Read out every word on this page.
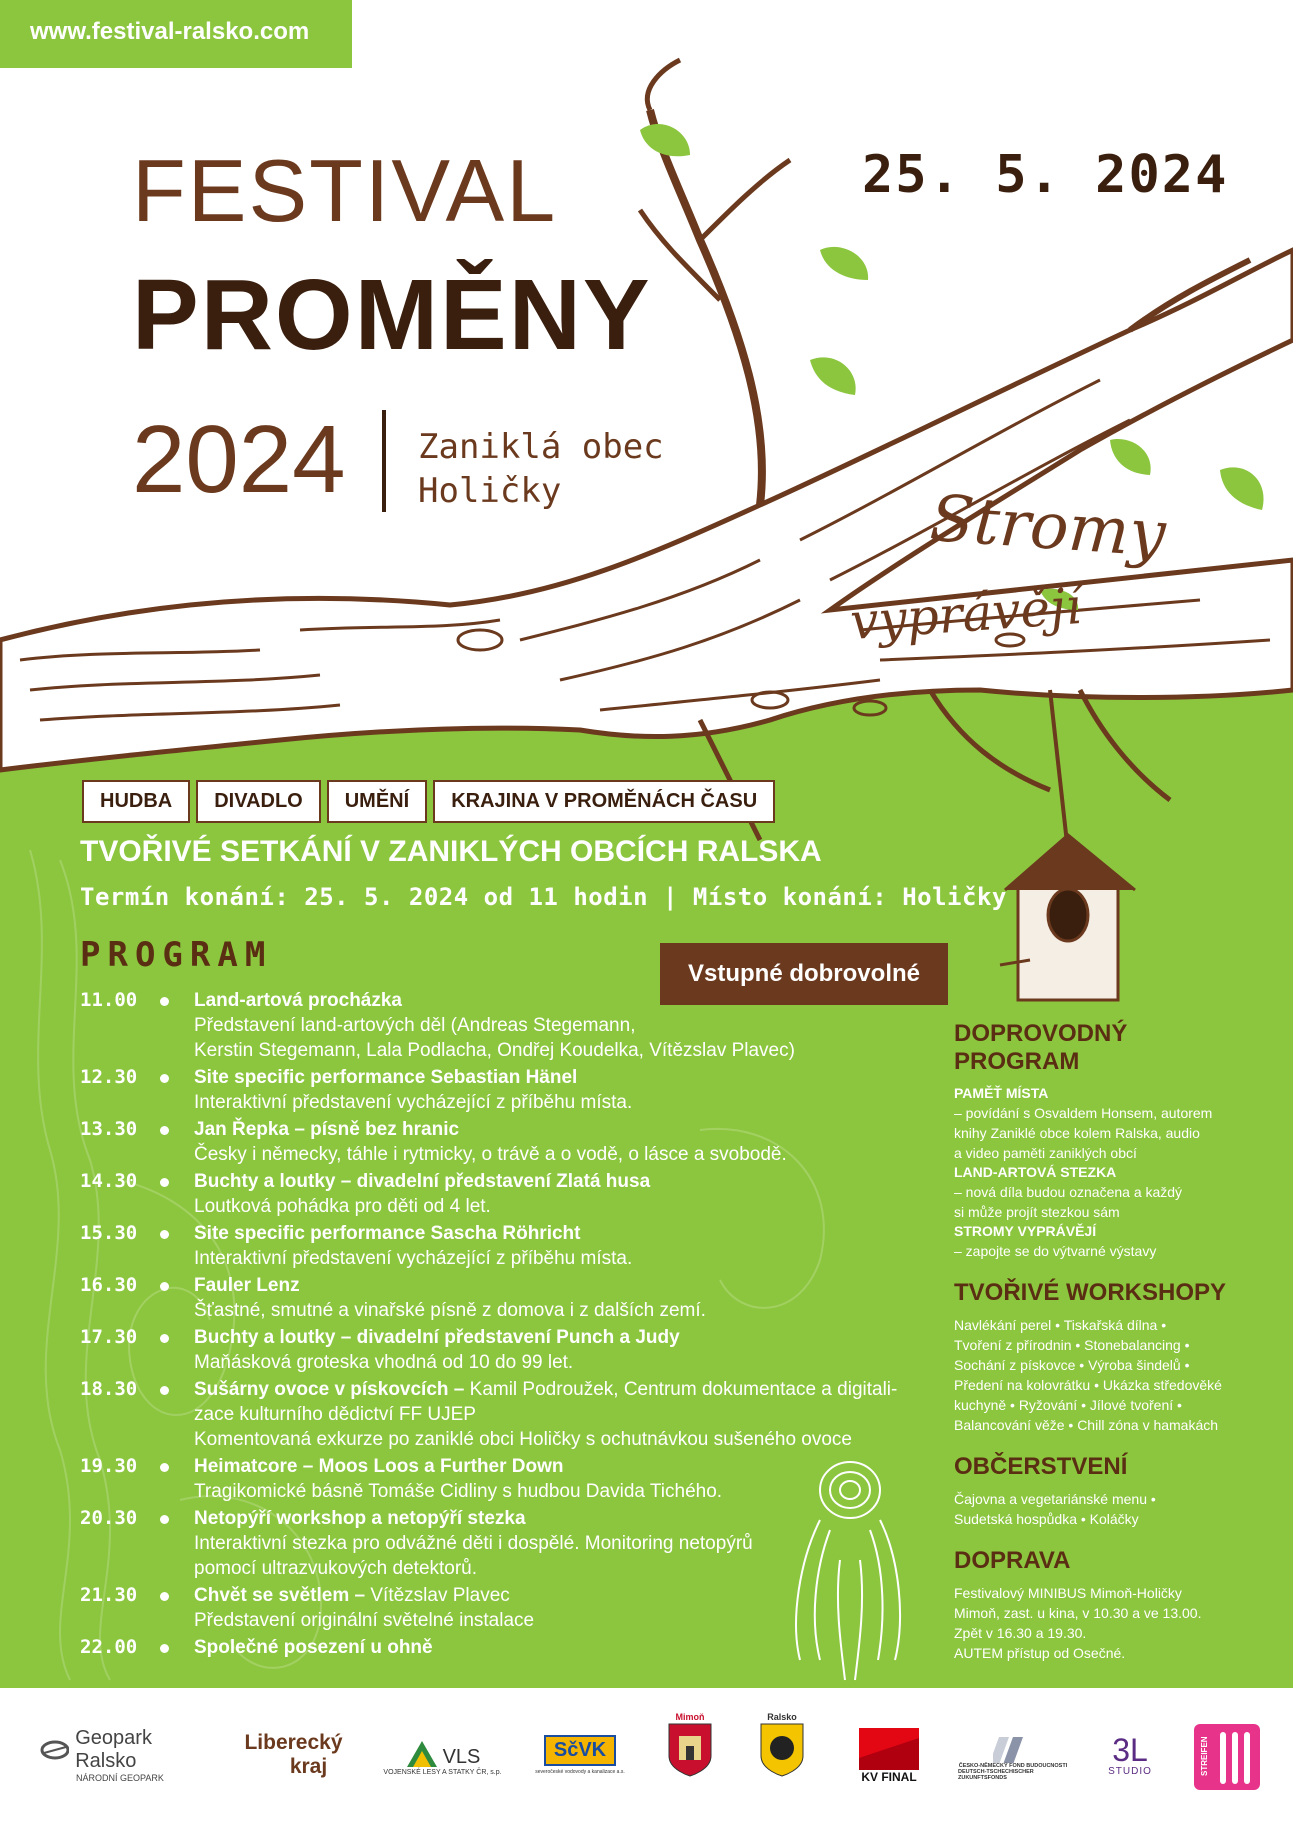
www.festival-ralsko.com
FESTIVAL
PROMĚNY
2024 Zaniklá obec
Holičky
25. 5. 2024
Stromy
vyprávějí
HUDBA	DIVADLO	UMĚNÍ	KRAJINA V PROMĚNÁCH ČASU
TVOŘIVÉ SETKÁNÍ V ZANIKLÝCH OBCÍCH RALSKA
Termín konání: 25. 5. 2024 od 11 hodin | Místo konání: Holičky
PROGRAM	Vstupné dobrovolné
11.00	Land-artová procházka
Představení land-artových děl (Andreas Stegemann,
Kerstin Stegemann, Lala Podlacha, Ondřej Koudelka, Vítězslav Plavec)
12.30	Site specific performance Sebastian Hänel
Interaktivní představení vycházející z příběhu místa.
13.30	Jan Řepka – písně bez hranic
Česky i německy, táhle i rytmicky, o trávě a o vodě, o lásce a svobodě.
14.30	Buchty a loutky – divadelní představení Zlatá husa
Loutková pohádka pro děti od 4 let.
15.30	Site specific performance Sascha Röhricht
Interaktivní představení vycházející z příběhu místa.
16.30	Fauler Lenz
Šťastné, smutné a vinařské písně z domova i z dalších zemí.
17.30	Buchty a loutky – divadelní představení Punch a Judy
Maňásková groteska vhodná od 10 do 99 let.
18.30	Sušárny ovoce v pískovcích – Kamil Podroužek, Centrum dokumentace a digitali-
zace kulturního dědictví FF UJEP
Komentovaná exkurze po zaniklé obci Holičky s ochutnávkou sušeného ovoce
19.30	Heimatcore – Moos Loos a Further Down
Tragikomické básně Tomáše Cidliny s hudbou Davida Tichého.
20.30	Netopýří workshop a netopýří stezka
Interaktivní stezka pro odvážné děti i dospělé. Monitoring netopýrů
pomocí ultrazvukových detektorů.
21.30	Chvět se světlem – Vítězslav Plavec
Představení originální světelné instalace
22.00	Společné posezení u ohně
DOPROVODNÝ PROGRAM
PAMĚŤ MÍSTA
– povídání s Osvaldem Honsem, autorem
knihy Zaniklé obce kolem Ralska, audio
a video paměti zaniklých obcí
LAND-ARTOVÁ STEZKA
– nová díla budou označena a každý
si může projít stezkou sám
STROMY VYPRÁVĚJÍ
– zapojte se do výtvarné výstavy
TVOŘIVÉ WORKSHOPY
Navlékání perel • Tiskařská dílna •
Tvoření z přírodnin • Stonebalancing •
Sochání z pískovce • Výroba šindelů •
Předení na kolovrátku • Ukázka středověké
kuchyně • Ryžování • Jílové tvoření •
Balancování věže • Chill zóna v hamakách
OBČERSTVENÍ
Čajovna a vegetariánské menu •
Sudetská hospůdka • Koláčky
DOPRAVA
Festivalový MINIBUS Mimoň-Holičky
Mimoň, zast. u kina, v 10.30 a ve 13.00.
Zpět v 16.30 a 19.30.
AUTEM přístup od Osečné.
Geopark Ralsko
NÁRODNÍ GEOPARK
Liberecký
kraj	VLS
VOJENSKÉ LESY A STATKY ČR, s.p.
SčVK
severočeské vodovody a kanalizace a.s.
Mimoň	Ralsko
KV FINAL
ČESKO-NĚMECKÝ FOND BUDOUCNOSTI
DEUTSCH-TSCHECHISCHER ZUKUNFTSFONDS
3L
STUDIO	STREIFEN
